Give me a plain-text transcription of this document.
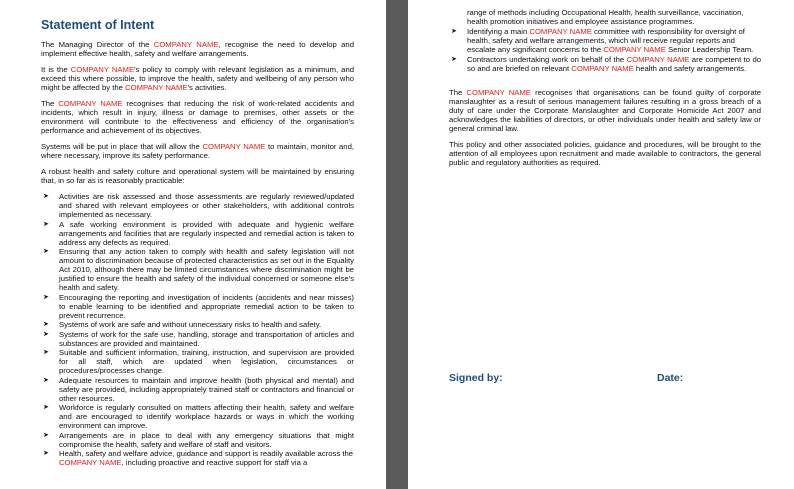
Statement of Intent

The Managing Director of the COMPANY NAME, recognise the need to develop and implement effective health, safety and welfare arrangements.

It is the COMPANY NAME's policy to comply with relevant legislation as a minimum, and exceed this where possible, to improve the health, safety and wellbeing of any person who might be affected by the COMPANY NAME's activities.

The COMPANY NAME recognises that reducing the risk of work-related accidents and incidents, which result in injury, illness or damage to premises, other assets or the environment will contribute to the effectiveness and efficiency of the organisation's performance and achievement of its objectives.

Systems will be put in place that will allow the COMPANY NAME to maintain, monitor and, where necessary, improve its safety performance.

A robust health and safety culture and operational system will be maintained by ensuring that, in so far as is reasonably practicable:

➤ Activities are risk assessed and those assessments are regularly reviewed/updated and shared with relevant employees or other stakeholders, with additional controls implemented as necessary.
➤ A safe working environment is provided with adequate and hygienic welfare arrangements and facilities that are regularly inspected and remedial action is taken to address any defects as required.
➤ Ensuring that any action taken to comply with health and safety legislation will not amount to discrimination because of protected characteristics as set out in the Equality Act 2010, although there may be limited circumstances where discrimination might be justified to ensure the health and safety of the individual concerned or someone else's health and safety.
➤ Encouraging the reporting and investigation of incidents (accidents and near misses) to enable learning to be identified and appropriate remedial action to be taken to prevent recurrence.
➤ Systems of work are safe and without unnecessary risks to health and safety.
➤ Systems of work for the safe use, handling, storage and transportation of articles and substances are provided and maintained.
➤ Suitable and sufficient information, training, instruction, and supervision are provided for all staff, which are updated when legislation, circumstances or procedures/processes change.
➤ Adequate resources to maintain and improve health (both physical and mental) and safety are provided, including appropriately trained staff or contractors and financial or other resources.
➤ Workforce is regularly consulted on matters affecting their health, safety and welfare and are encouraged to identify workplace hazards or ways in which the working environment can improve.
➤ Arrangements are in place to deal with any emergency situations that might compromise the health, safety and welfare of staff and visitors.
➤ Health, safety and welfare advice, guidance and support is readily available across the COMPANY NAME, including proactive and reactive support for staff via a

range of methods including Occupational Health, health surveillance, vaccination, health promotion initiatives and employee assistance programmes.

➤ Identifying a main COMPANY NAME committee with responsibility for oversight of health, safety and welfare arrangements, which will receive regular reports and escalate any significant concerns to the COMPANY NAME Senior Leadership Team.
➤ Contractors undertaking work on behalf of the COMPANY NAME are competent to do so and are briefed on relevant COMPANY NAME health and safety arrangements.

The COMPANY NAME recognises that organisations can be found guilty of corporate manslaughter as a result of serious management failures resulting in a gross breach of a duty of care under the Corporate Manslaughter and Corporate Homicide Act 2007 and acknowledges the liabilities of directors, or other individuals under health and safety law or general criminal law.

This policy and other associated policies, guidance and procedures, will be brought to the attention of all employees upon recruitment and made available to contractors, the general public and regulatory authorities as required.

Signed by:	Date:
